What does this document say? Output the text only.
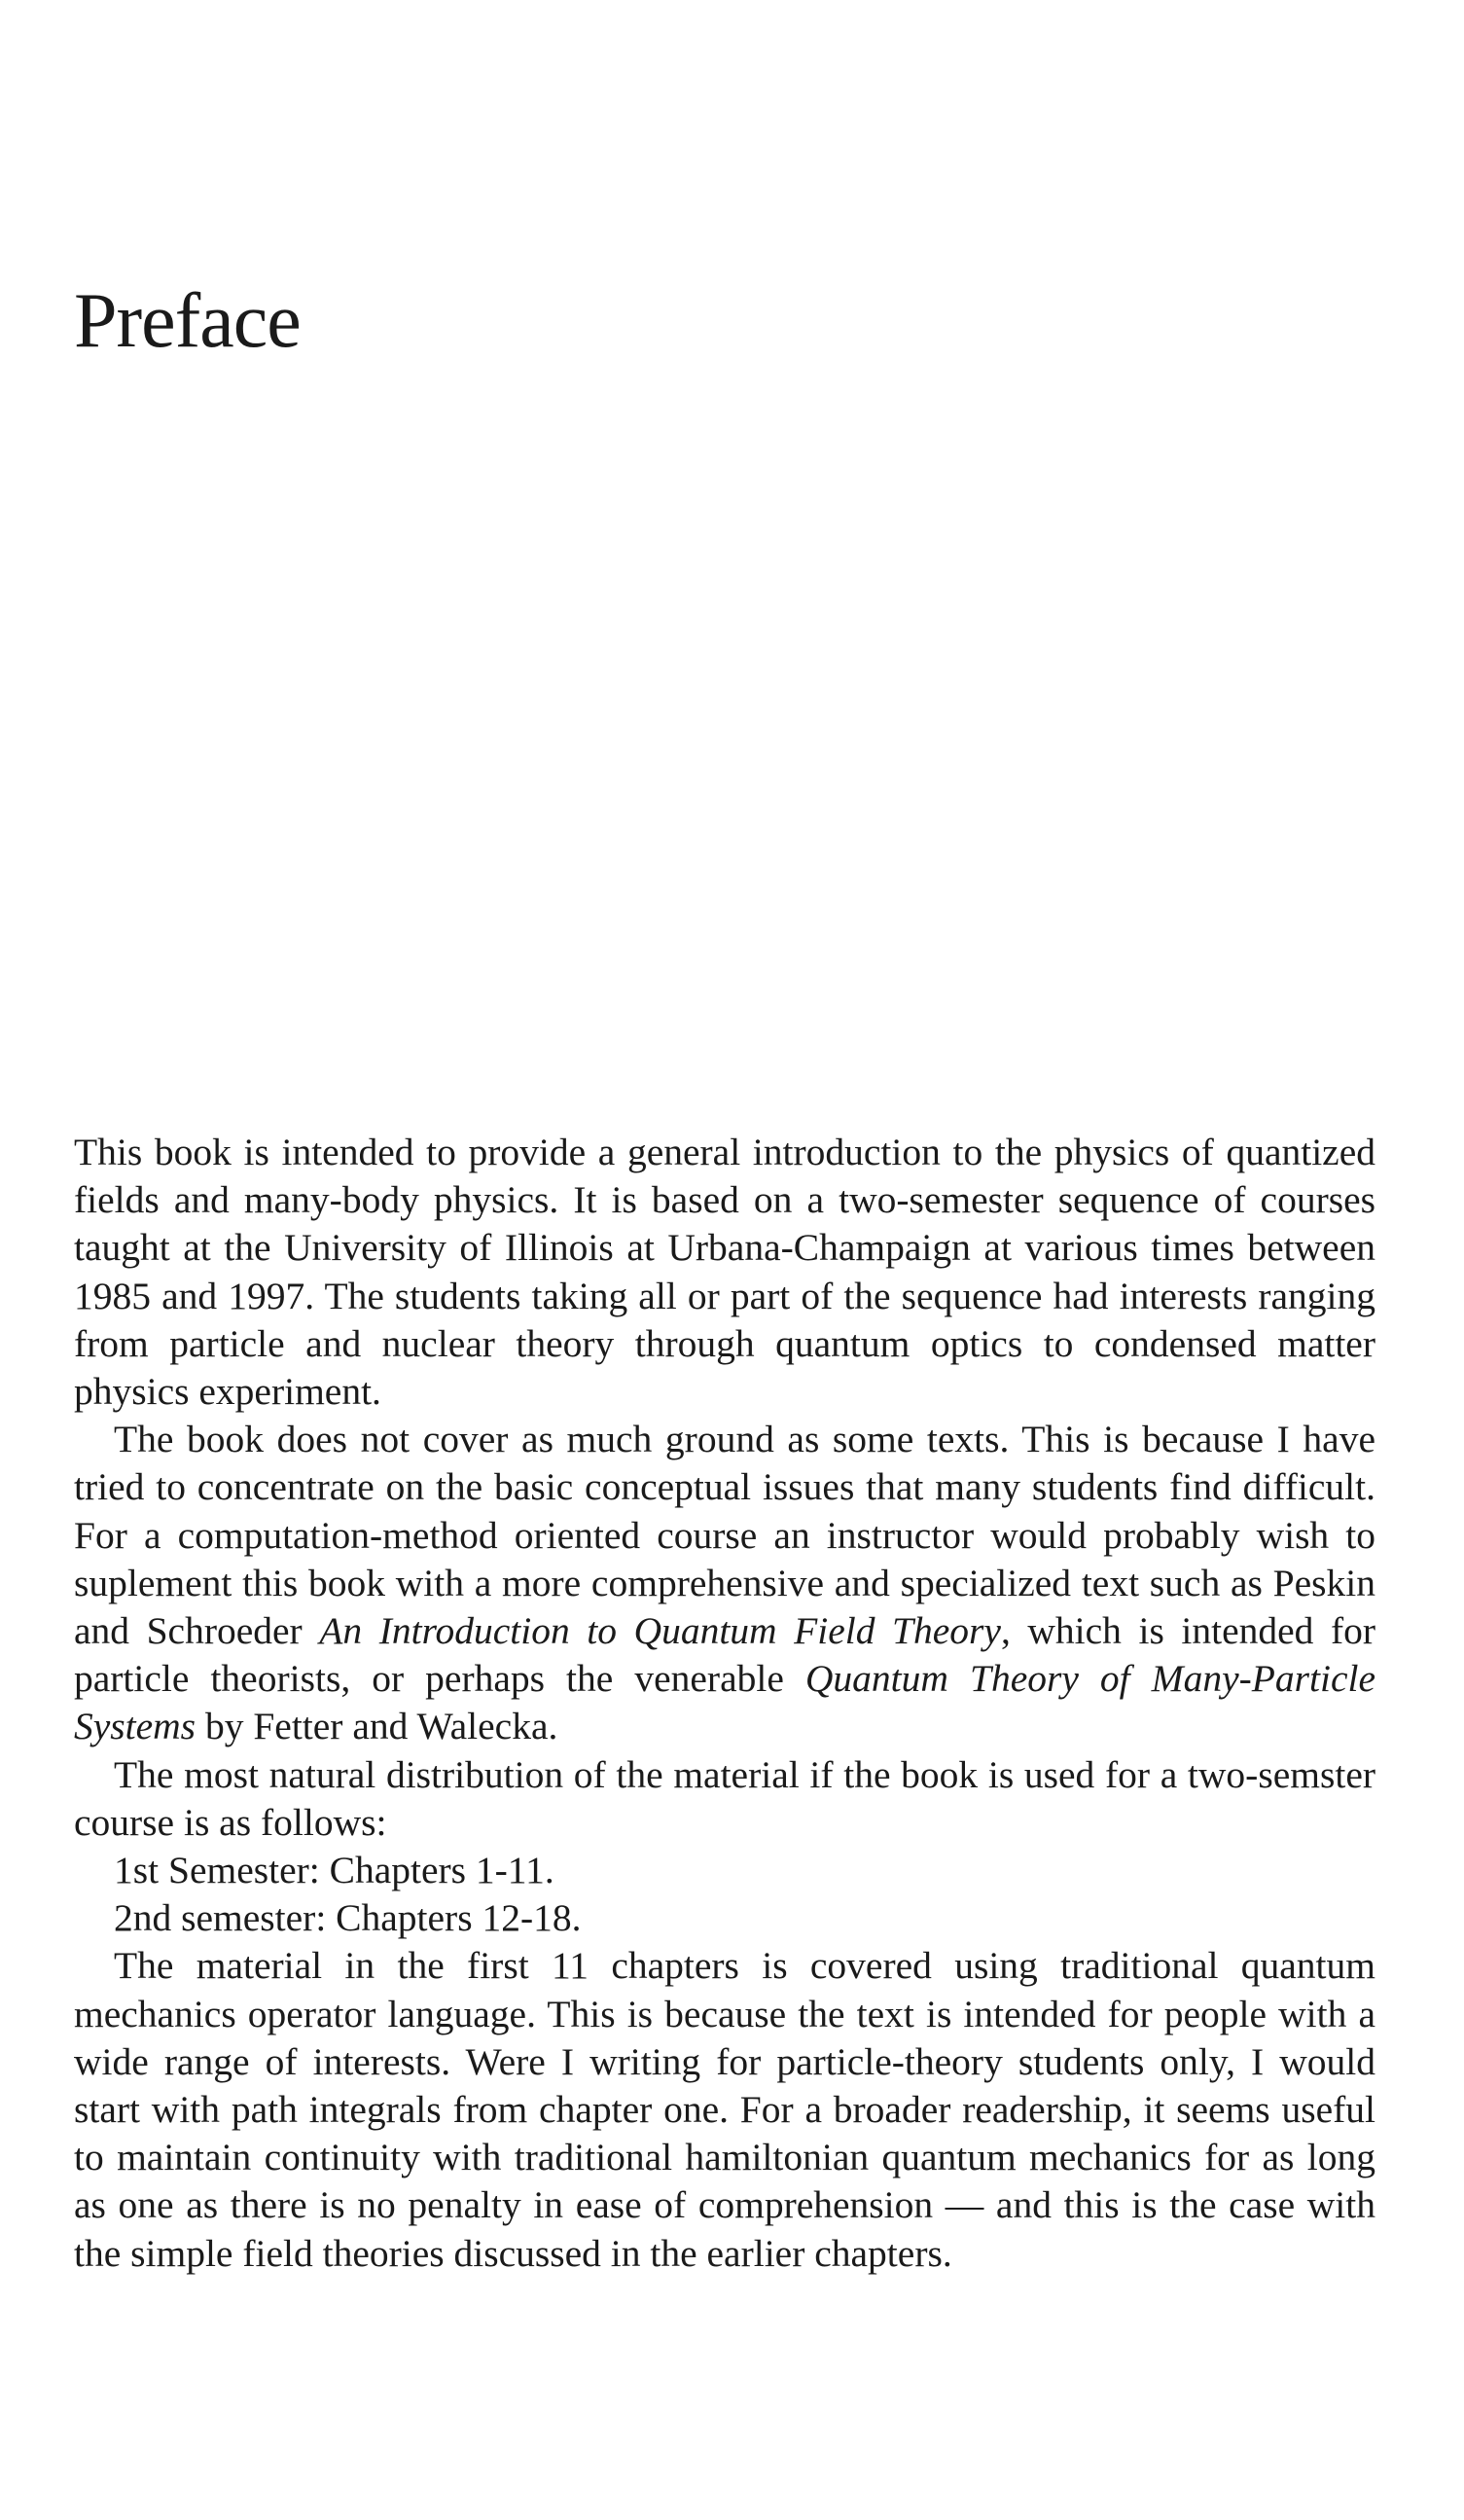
Preface

This book is intended to provide a general introduction to the physics of quantized fields and many-body physics. It is based on a two-semester sequence of courses taught at the University of Illinois at Urbana-Champaign at various times between 1985 and 1997. The students taking all or part of the sequence had interests ranging from particle and nuclear theory through quantum optics to condensed matter physics experiment.

The book does not cover as much ground as some texts. This is because I have tried to concentrate on the basic conceptual issues that many students find difficult. For a computation-method oriented course an instructor would probably wish to suplement this book with a more comprehensive and specialized text such as Peskin and Schroeder An Introduction to Quantum Field Theory, which is intended for particle theorists, or perhaps the venerable Quantum Theory of Many-Particle Systems by Fetter and Walecka.

The most natural distribution of the material if the book is used for a two-semster course is as follows:

1st Semester: Chapters 1-11.

2nd semester: Chapters 12-18.

The material in the first 11 chapters is covered using traditional quantum mechanics operator language. This is because the text is intended for people with a wide range of interests. Were I writing for particle-theory students only, I would start with path integrals from chapter one. For a broader readership, it seems useful to maintain continuity with traditional hamiltonian quantum mechanics for as long as one as there is no penalty in ease of comprehension — and this is the case with the simple field theories discussed in the earlier chapters.
